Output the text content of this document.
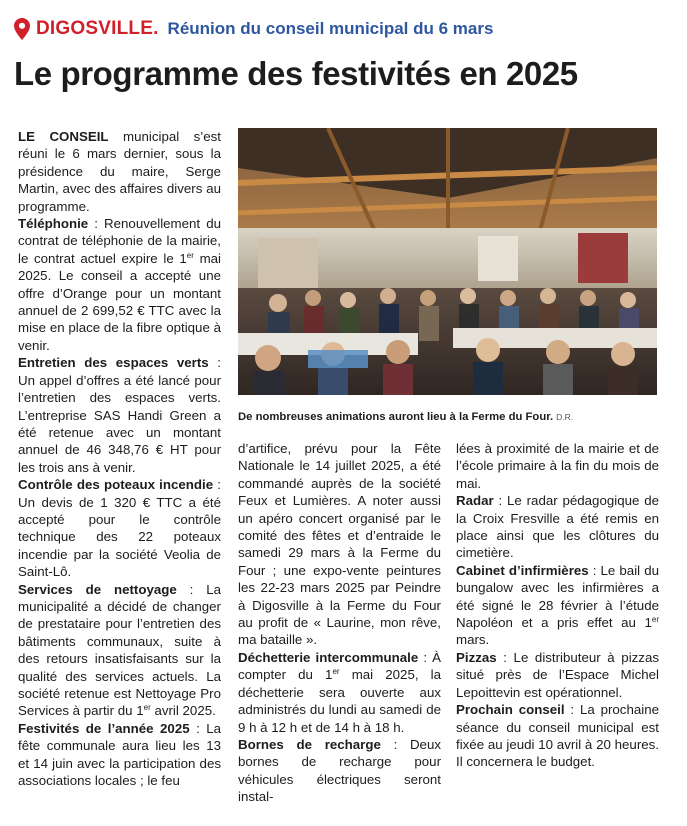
DIGOSVILLE. Réunion du conseil municipal du 6 mars
Le programme des festivités en 2025

LE CONSEIL municipal s’est réuni le 6 mars dernier, sous la présidence du maire, Serge Martin, avec des affaires divers au programme.

Téléphonie : Renouvellement du contrat de téléphonie de la mairie, le contrat actuel expire le 1er mai 2025. Le conseil a accepté une offre d’Orange pour un montant annuel de 2 699,52 € TTC avec la mise en place de la fibre optique à venir.

Entretien des espaces verts : Un appel d’offres a été lancé pour l’entretien des espaces verts. L’entreprise SAS Handi Green a été retenue avec un montant annuel de 46 348,76 € HT pour les trois ans à venir.

Contrôle des poteaux incendie : Un devis de 1 320 € TTC a été accepté pour le contrôle technique des 22 poteaux incendie par la société Veolia de Saint-Lô.

Services de nettoyage : La municipalité a décidé de changer de prestataire pour l’entretien des bâtiments communaux, suite à des retours insatisfaisants sur la qualité des services actuels. La société retenue est Nettoyage Pro Services à partir du 1er avril 2025.

Festivités de l’année 2025 : La fête communale aura lieu les 13 et 14 juin avec la participation des associations locales ; le feu

De nombreuses animations auront lieu à la Ferme du Four. D.R.

d’artifice, prévu pour la Fête Nationale le 14 juillet 2025, a été commandé auprès de la société Feux et Lumières. A noter aussi un apéro concert organisé par le comité des fêtes et d’entraide le samedi 29 mars à la Ferme du Four ; une expo-vente peintures les 22-23 mars 2025 par Peindre à Digosville à la Ferme du Four au profit de « Laurine, mon rêve, ma bataille ».

Déchetterie intercommunale : À compter du 1er mai 2025, la déchetterie sera ouverte aux administrés du lundi au samedi de 9 h à 12 h et de 14 h à 18 h.

Bornes de recharge : Deux bornes de recharge pour véhicules électriques seront instal-

lées à proximité de la mairie et de l’école primaire à la fin du mois de mai.

Radar : Le radar pédagogique de la Croix Fresville a été remis en place ainsi que les clôtures du cimetière.

Cabinet d’infirmières : Le bail du bungalow avec les infirmières a été signé le 28 février à l’étude Napoléon et a pris effet au 1er mars.

Pizzas : Le distributeur à pizzas situé près de l’Espace Michel Lepoittevin est opérationnel.

Prochain conseil : La prochaine séance du conseil municipal est fixée au jeudi 10 avril à 20 heures. Il concernera le budget.
